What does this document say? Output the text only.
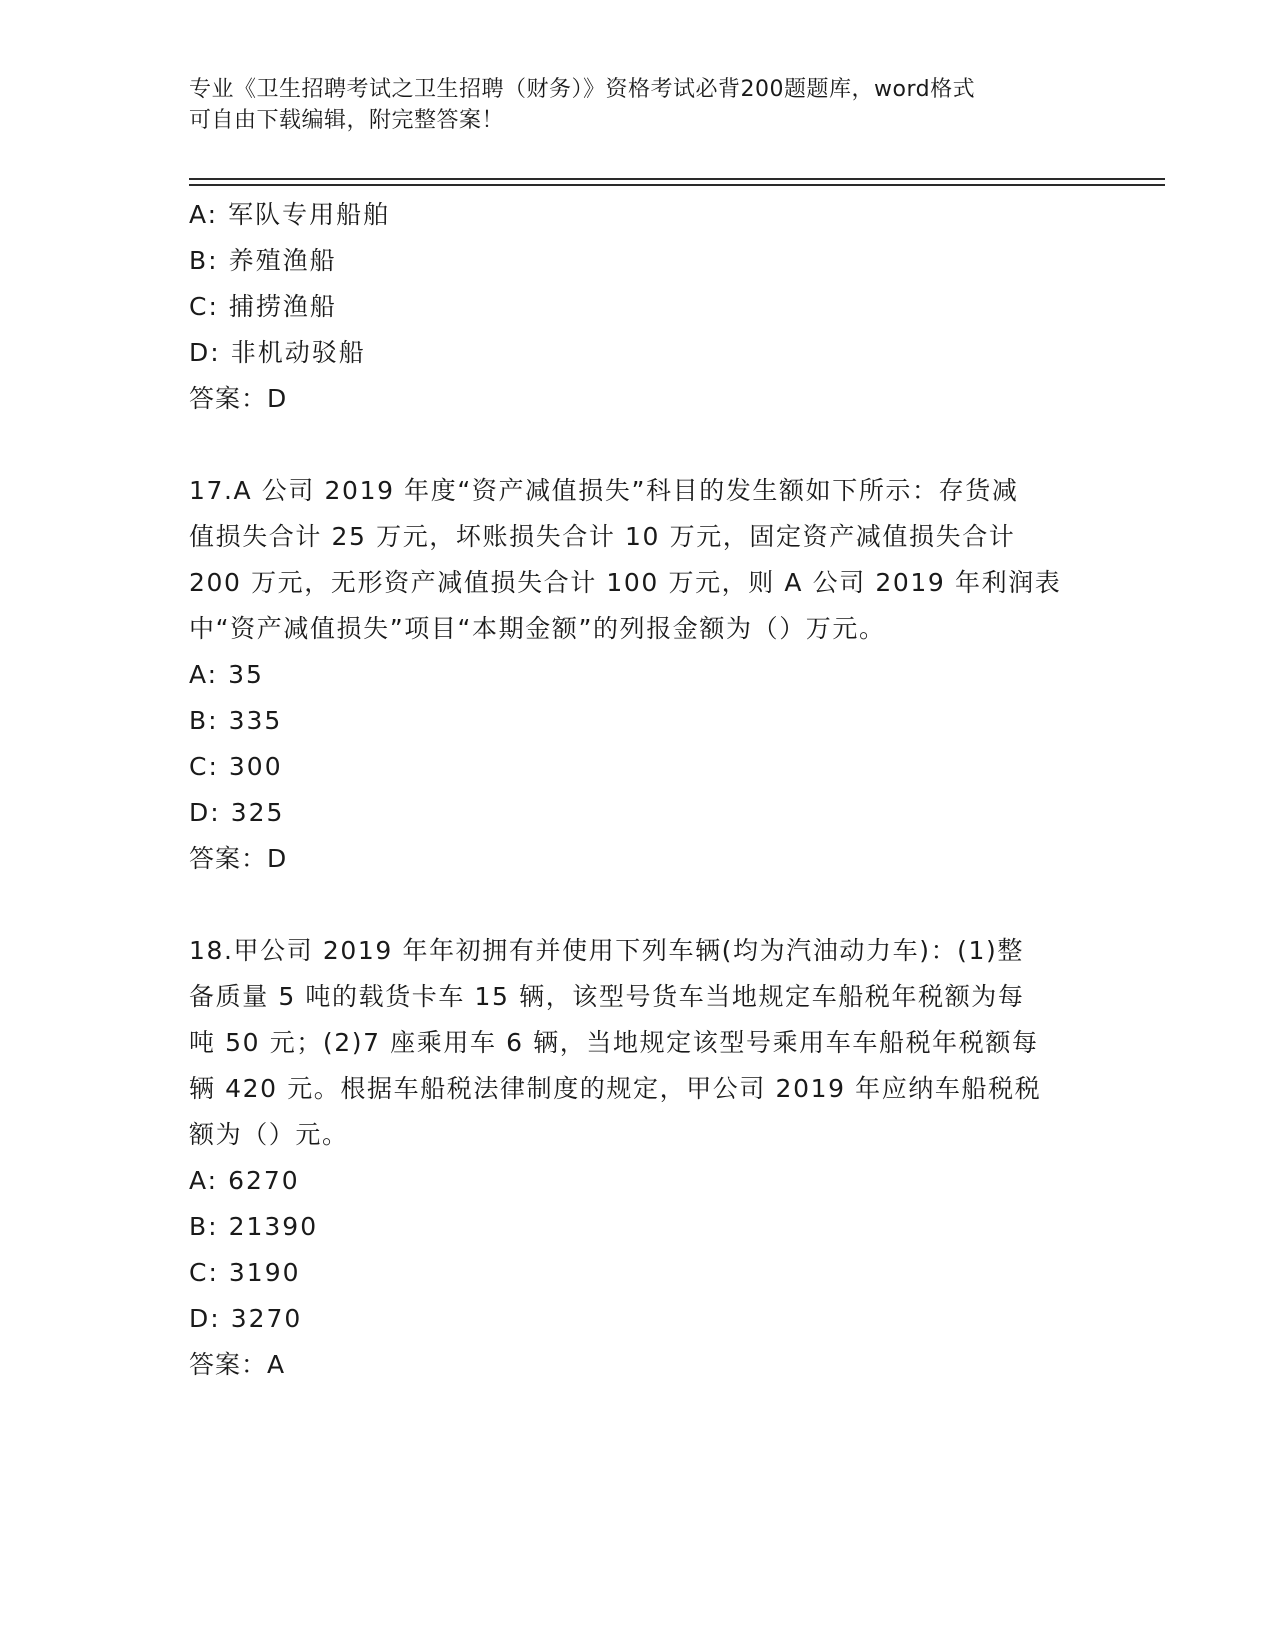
专业《卫生招聘考试之卫生招聘（财务）》资格考试必背200题题库，word格式
可自由下载编辑，附完整答案！
A: 军队专用船舶
B: 养殖渔船
C: 捕捞渔船
D: 非机动驳船
答案：D
17.A 公司 2019 年度“资产减值损失”科目的发生额如下所示：存货减
值损失合计 25 万元，坏账损失合计 10 万元，固定资产减值损失合计
200 万元，无形资产减值损失合计 100 万元，则 A 公司 2019 年利润表
中“资产减值损失”项目“本期金额”的列报金额为（）万元。
A: 35
B: 335
C: 300
D: 325
答案：D
18.甲公司 2019 年年初拥有并使用下列车辆(均为汽油动力车)：(1)整
备质量 5 吨的载货卡车 15 辆，该型号货车当地规定车船税年税额为每
吨 50 元；(2)7 座乘用车 6 辆，当地规定该型号乘用车车船税年税额每
辆 420 元。根据车船税法律制度的规定，甲公司 2019 年应纳车船税税
额为（）元。
A: 6270
B: 21390
C: 3190
D: 3270
答案：A
